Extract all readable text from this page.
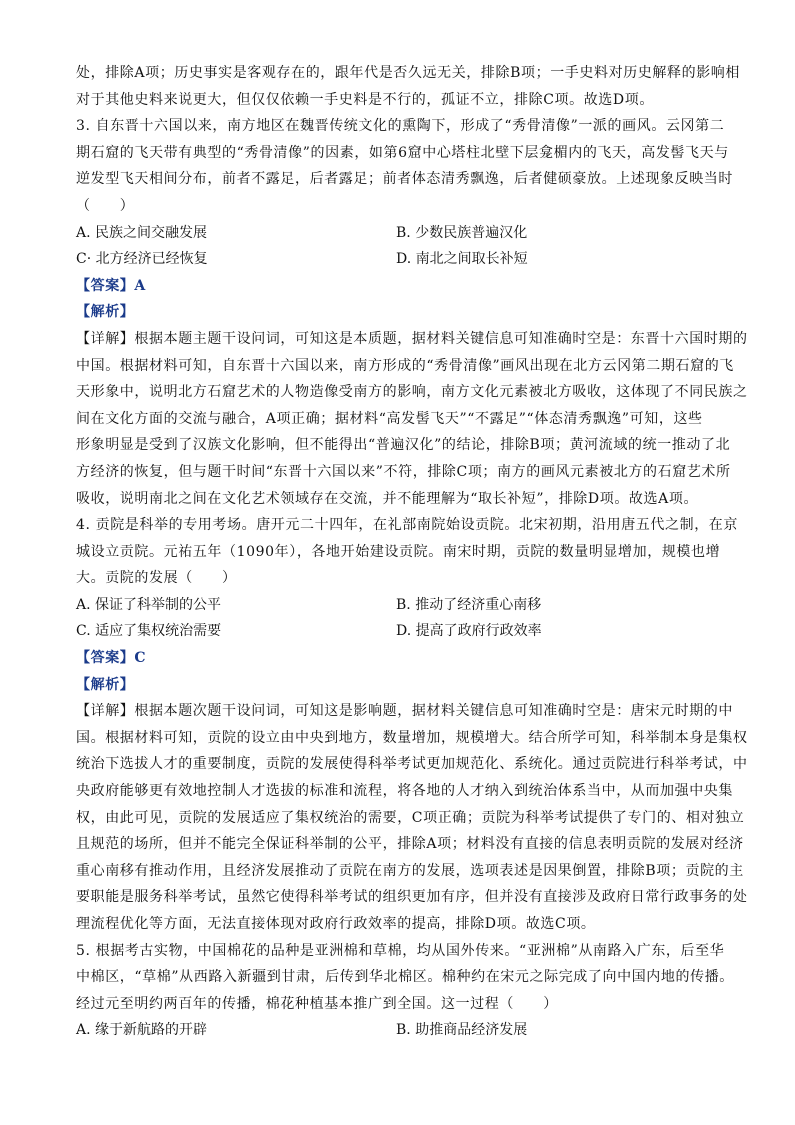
处，排除A项；历史事实是客观存在的，跟年代是否久远无关，排除B项；一手史料对历史解释的影响相
对于其他史料来说更大，但仅仅依赖一手史料是不行的，孤证不立，排除C项。故选D项。
3. 自东晋十六国以来，南方地区在魏晋传统文化的熏陶下，形成了“秀骨清像”一派的画风。云冈第二
期石窟的飞天带有典型的“秀骨清像”的因素，如第6窟中心塔柱北壁下层龛楣内的飞天，高发髻飞天与
逆发型飞天相间分布，前者不露足，后者露足；前者体态清秀飘逸，后者健硕豪放。上述现象反映当时
（　　）
A. 民族之间交融发展	B. 少数民族普遍汉化
C· 北方经济已经恢复	D. 南北之间取长补短
【答案】A
【解析】
【详解】根据本题主题干设问词，可知这是本质题，据材料关键信息可知准确时空是：东晋十六国时期的
中国。根据材料可知，自东晋十六国以来，南方形成的“秀骨清像”画风出现在北方云冈第二期石窟的飞
天形象中，说明北方石窟艺术的人物造像受南方的影响，南方文化元素被北方吸收，这体现了不同民族之
间在文化方面的交流与融合，A项正确；据材料“高发髻飞天”“不露足”“体态清秀飘逸”可知，这些
形象明显是受到了汉族文化影响，但不能得出“普遍汉化”的结论，排除B项；黄河流域的统一推动了北
方经济的恢复，但与题干时间“东晋十六国以来”不符，排除C项；南方的画风元素被北方的石窟艺术所
吸收，说明南北之间在文化艺术领域存在交流，并不能理解为“取长补短”，排除D项。故选A项。
4. 贡院是科举的专用考场。唐开元二十四年，在礼部南院始设贡院。北宋初期，沿用唐五代之制，在京
城设立贡院。元祐五年（1090年），各地开始建设贡院。南宋时期，贡院的数量明显增加，规模也增
大。贡院的发展（　　）
A. 保证了科举制的公平	B. 推动了经济重心南移
C. 适应了集权统治需要	D. 提高了政府行政效率
【答案】C
【解析】
【详解】根据本题次题干设问词，可知这是影响题，据材料关键信息可知准确时空是：唐宋元时期的中
国。根据材料可知，贡院的设立由中央到地方，数量增加，规模增大。结合所学可知，科举制本身是集权
统治下选拔人才的重要制度，贡院的发展使得科举考试更加规范化、系统化。通过贡院进行科举考试，中
央政府能够更有效地控制人才选拔的标准和流程，将各地的人才纳入到统治体系当中，从而加强中央集
权，由此可见，贡院的发展适应了集权统治的需要，C项正确；贡院为科举考试提供了专门的、相对独立
且规范的场所，但并不能完全保证科举制的公平，排除A项；材料没有直接的信息表明贡院的发展对经济
重心南移有推动作用，且经济发展推动了贡院在南方的发展，选项表述是因果倒置，排除B项；贡院的主
要职能是服务科举考试，虽然它使得科举考试的组织更加有序，但并没有直接涉及政府日常行政事务的处
理流程优化等方面，无法直接体现对政府行政效率的提高，排除D项。故选C项。
5. 根据考古实物，中国棉花的品种是亚洲棉和草棉，均从国外传来。“亚洲棉”从南路入广东，后至华
中棉区，“草棉”从西路入新疆到甘肃，后传到华北棉区。棉种约在宋元之际完成了向中国内地的传播。
经过元至明约两百年的传播，棉花种植基本推广到全国。这一过程（　　）
A. 缘于新航路的开辟	B. 助推商品经济发展
